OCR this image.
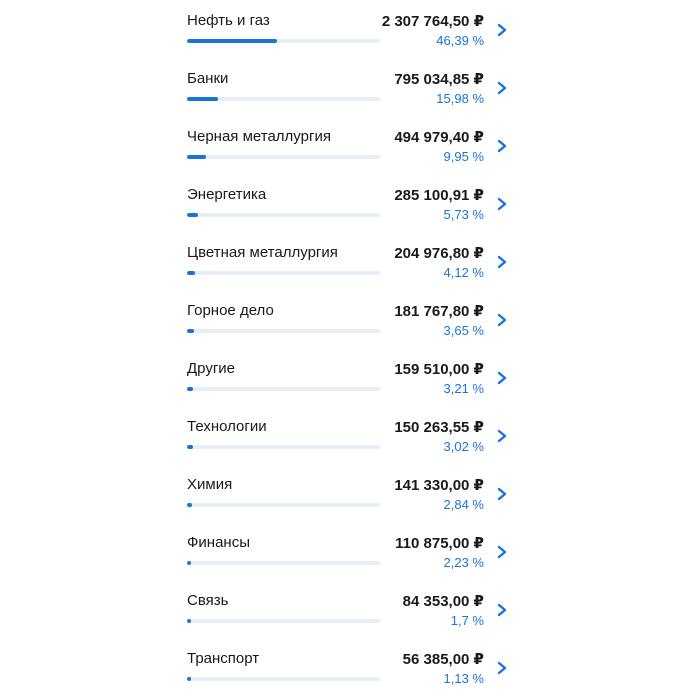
Нефть и газ	2 307 764,50 ₽
46,39 %
Банки	795 034,85 ₽
15,98 %
Черная металлургия	494 979,40 ₽
9,95 %
Энергетика	285 100,91 ₽
5,73 %
Цветная металлургия	204 976,80 ₽
4,12 %
Горное дело	181 767,80 ₽
3,65 %
Другие	159 510,00 ₽
3,21 %
Технологии	150 263,55 ₽
3,02 %
Химия	141 330,00 ₽
2,84 %
Финансы	110 875,00 ₽
2,23 %
Связь	84 353,00 ₽
1,7 %
Транспорт	56 385,00 ₽
1,13 %
